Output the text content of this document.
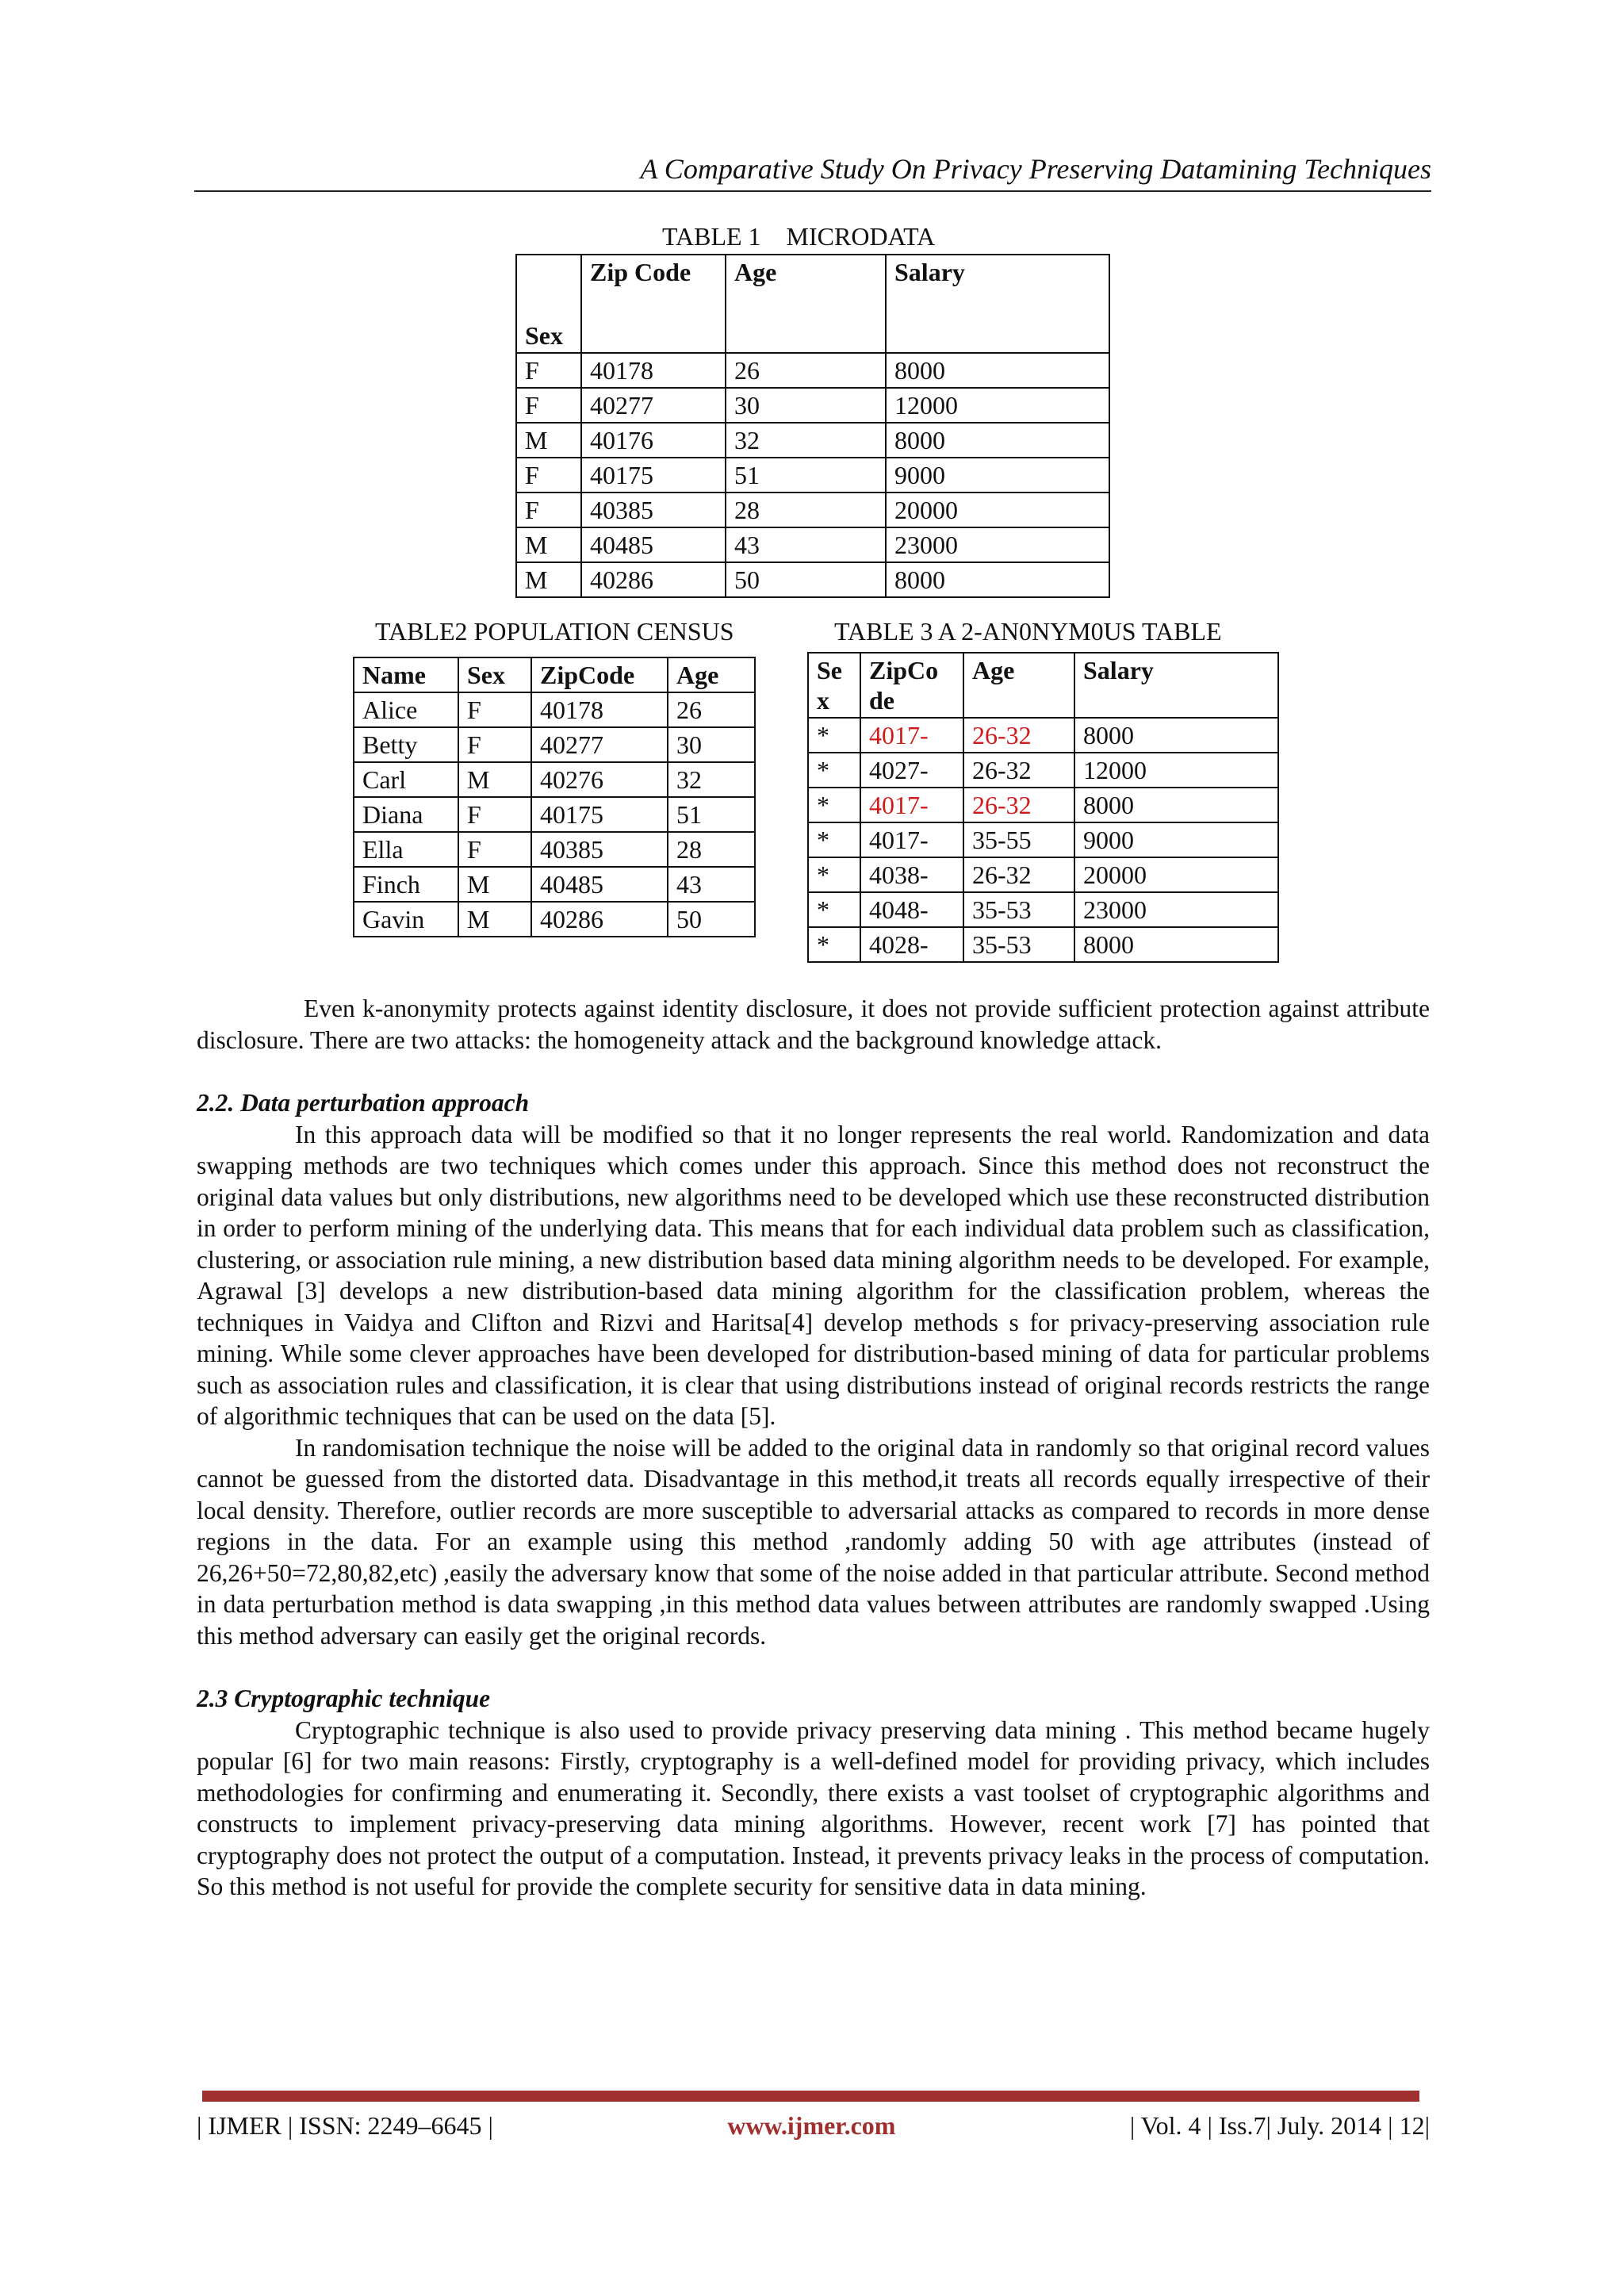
A Comparative Study On Privacy Preserving Datamining Techniques
TABLE 1    MICRODATA
Sex	Zip Code	Age	Salary
F	40178	26	8000
F	40277	30	12000
M	40176	32	8000
F	40175	51	9000
F	40385	28	20000
M	40485	43	23000
M	40286	50	8000
TABLE2 POPULATION CENSUS
Name	Sex	ZipCode	Age
Alice	F	40178	26
Betty	F	40277	30
Carl	M	40276	32
Diana	F	40175	51
Ella	F	40385	28
Finch	M	40485	43
Gavin	M	40286	50
TABLE 3 A 2-AN0NYM0US TABLE
Se x	ZipCo de	Age	Salary
*	4017-	26-32	8000
*	4027-	26-32	12000
*	4017-	26-32	8000
*	4017-	35-55	9000
*	4038-	26-32	20000
*	4048-	35-53	23000
*	4028-	35-53	8000

Even k-anonymity protects against identity disclosure, it does not provide sufficient protection against attribute disclosure. There are two attacks: the homogeneity attack and the background knowledge attack.

2.2. Data perturbation approach

In this approach data will be modified so that it no longer represents the real world. Randomization and data swapping methods are two techniques which comes under this approach. Since this method does not reconstruct the original data values but only distributions, new algorithms need to be developed which use these reconstructed distribution in order to perform mining of the underlying data. This means that for each individual data problem such as classification, clustering, or association rule mining, a new distribution based data mining algorithm needs to be developed. For example, Agrawal [3] develops a new distribution-based data mining algorithm for the classification problem, whereas the techniques in Vaidya and Clifton and Rizvi and Haritsa[4] develop methods s for privacy-preserving association rule mining. While some clever approaches have been developed for distribution-based mining of data for particular problems such as association rules and classification, it is clear that using distributions instead of original records restricts the range of algorithmic techniques that can be used on the data [5].

In randomisation technique the noise will be added to the original data in randomly so that original record values cannot be guessed from the distorted data. Disadvantage in this method,it treats all records equally irrespective of their local density. Therefore, outlier records are more susceptible to adversarial attacks as compared to records in more dense regions in the data. For an example using this method ,randomly adding 50 with age attributes (instead of 26,26+50=72,80,82,etc) ,easily the adversary know that some of the noise added in that particular attribute. Second method in data perturbation method is data swapping ,in this method data values between attributes are randomly swapped .Using this method adversary can easily get the original records.

2.3 Cryptographic technique

Cryptographic technique is also used to provide privacy preserving data mining . This method became hugely popular [6] for two main reasons: Firstly, cryptography is a well-defined model for providing privacy, which includes methodologies for confirming and enumerating it. Secondly, there exists a vast toolset of cryptographic algorithms and constructs to implement privacy-preserving data mining algorithms. However, recent work [7] has pointed that cryptography does not protect the output of a computation. Instead, it prevents privacy leaks in the process of computation. So this method is not useful for provide the complete security for sensitive data in data mining.

| IJMER | ISSN: 2249–6645 |	www.ijmer.com	| Vol. 4 | Iss.7| July. 2014 | 12|
